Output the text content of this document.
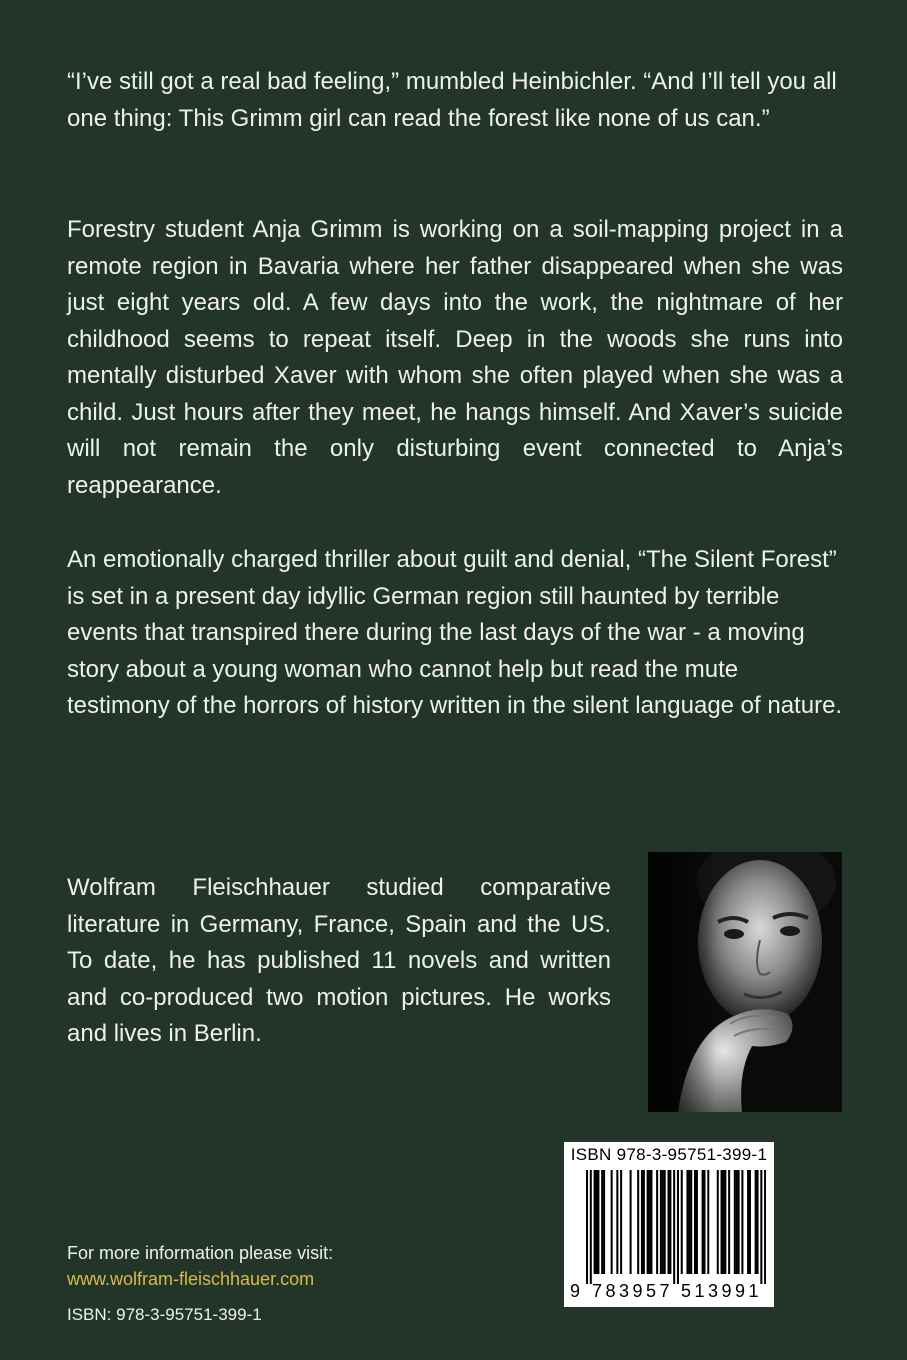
“I’ve still got a real bad feeling,” mumbled Heinbichler. “And I’ll tell you all one thing: This Grimm girl can read the forest like none of us can.”

Forestry student Anja Grimm is working on a soil-mapping project in a remote region in Bavaria where her father disappeared when she was just eight years old. A few days into the work, the nightmare of her childhood seems to repeat itself. Deep in the woods she runs into mentally disturbed Xaver with whom she often played when she was a child. Just hours after they meet, he hangs himself. And Xaver’s suicide will not remain the only disturbing event connected to Anja’s reappearance.

An emotionally charged thriller about guilt and denial, “The Silent Forest” is set in a present day idyllic German region still haunted by terrible events that transpired there during the last days of the war - a moving story about a young woman who cannot help but read the mute testimony of the horrors of history written in the silent language of nature.

Wolfram Fleischhauer studied comparative literature in Germany, France, Spain and the US. To date, he has published 11 novels and written and co-produced two motion pictures. He works and lives in Berlin.

For more information please visit:
www.wolfram-fleischhauer.com
ISBN: 978-3-95751-399-1
ISBN 978-3-95751-399-1
9 783957 513991
